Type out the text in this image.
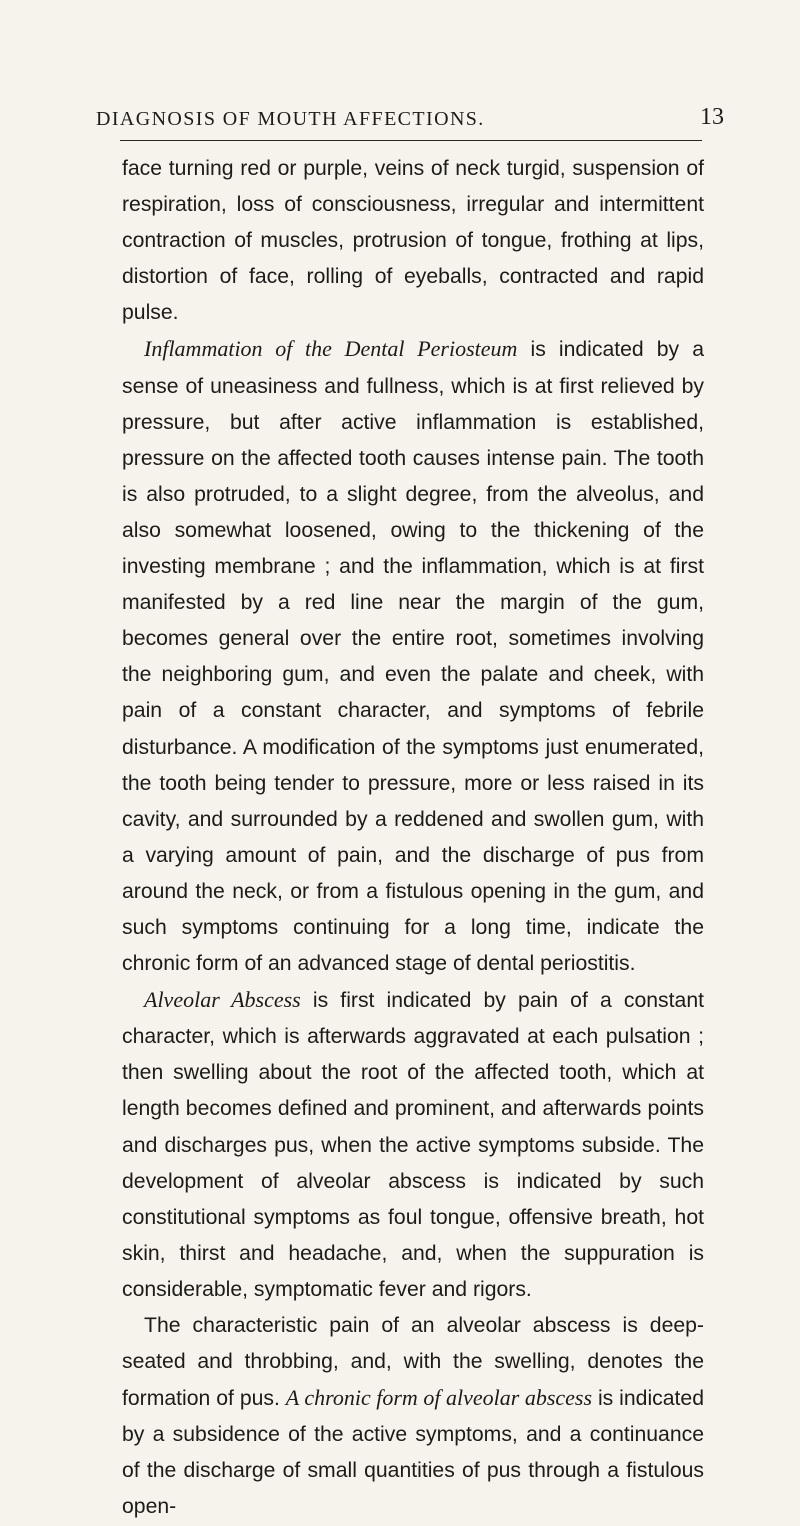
DIAGNOSIS OF MOUTH AFFECTIONS.	13

face turning red or purple, veins of neck turgid, suspension of respiration, loss of consciousness, irregular and intermittent contraction of muscles, protrusion of tongue, frothing at lips, distortion of face, rolling of eyeballs, contracted and rapid pulse.

Inflammation of the Dental Periosteum is indicated by a sense of uneasiness and fullness, which is at first relieved by pressure, but after active inflammation is established, pressure on the affected tooth causes intense pain. The tooth is also protruded, to a slight degree, from the alveolus, and also somewhat loosened, owing to the thickening of the investing membrane ; and the inflammation, which is at first manifested by a red line near the margin of the gum, becomes general over the entire root, sometimes involving the neighboring gum, and even the palate and cheek, with pain of a constant character, and symptoms of febrile disturbance. A modification of the symptoms just enumerated, the tooth being tender to pressure, more or less raised in its cavity, and surrounded by a reddened and swollen gum, with a varying amount of pain, and the discharge of pus from around the neck, or from a fistulous opening in the gum, and such symptoms continuing for a long time, indicate the chronic form of an advanced stage of dental periostitis.

Alveolar Abscess is first indicated by pain of a constant character, which is afterwards aggravated at each pulsation ; then swelling about the root of the affected tooth, which at length becomes defined and prominent, and afterwards points and discharges pus, when the active symptoms subside. The development of alveolar abscess is indicated by such constitutional symptoms as foul tongue, offensive breath, hot skin, thirst and headache, and, when the suppuration is considerable, symptomatic fever and rigors.

The characteristic pain of an alveolar abscess is deep-seated and throbbing, and, with the swelling, denotes the formation of pus. A chronic form of alveolar abscess is indicated by a subsidence of the active symptoms, and a continuance of the discharge of small quantities of pus through a fistulous open-
